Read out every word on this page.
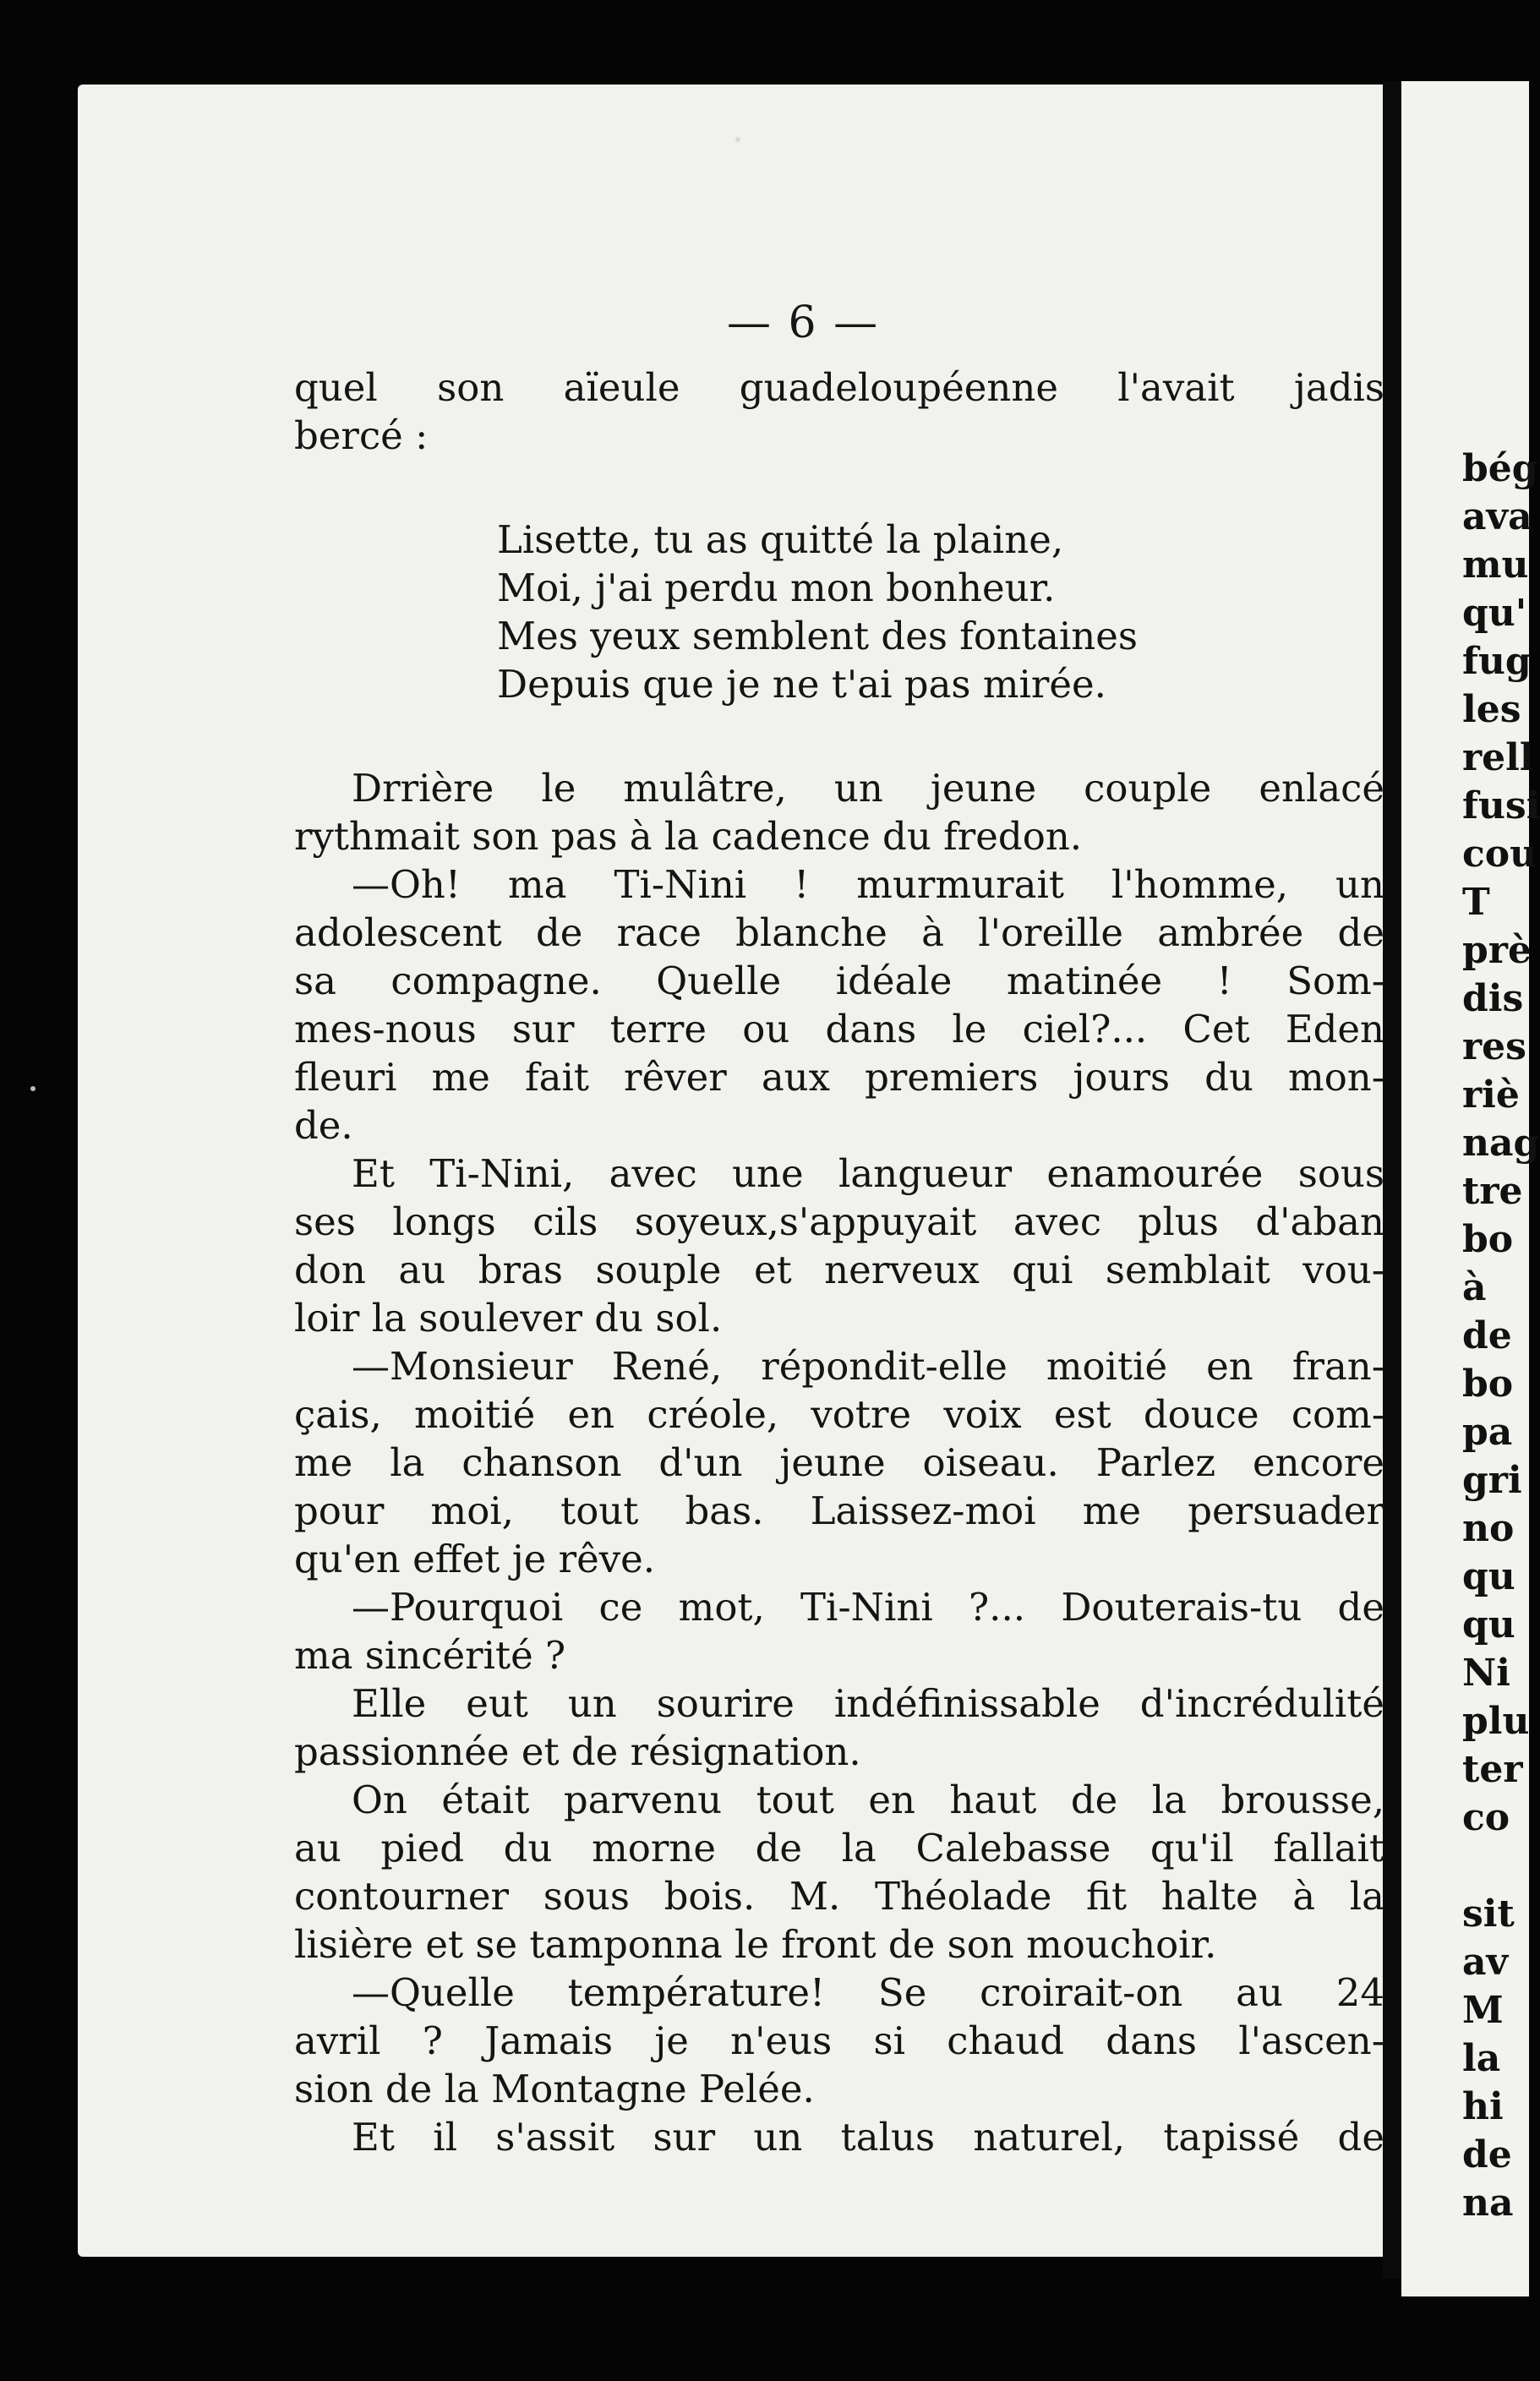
bég
ava
mu
qu'
fug
les
rell
fusi
cou
T
prè
dis
res
riè
nag
tre
bo
à
de
bo
pa
gri
no
qu
qu
Ni
plu
ter
co
sit
av
M
la
hi
de
na
— 6 —
quel son aïeule guadeloupéenne l'avait jadis
bercé :
Lisette, tu as quitté la plaine,
Moi, j'ai perdu mon bonheur.
Mes yeux semblent des fontaines
Depuis que je ne t'ai pas mirée.
Drrière le mulâtre, un jeune couple enlacé
rythmait son pas à la cadence du fredon.
—Oh! ma Ti-Nini ! murmurait l'homme, un
adolescent de race blanche à l'oreille ambrée de
sa compagne. Quelle idéale matinée ! Som-
mes-nous sur terre ou dans le ciel?... Cet Eden
fleuri me fait rêver aux premiers jours du mon-
de.
Et Ti-Nini, avec une langueur enamourée sous
ses longs cils soyeux,s'appuyait avec plus d'aban
don au bras souple et nerveux qui semblait vou-
loir la soulever du sol.
—Monsieur René, répondit-elle moitié en fran-
çais, moitié en créole, votre voix est douce com-
me la chanson d'un jeune oiseau. Parlez encore
pour moi, tout bas. Laissez-moi me persuader
qu'en effet je rêve.
—Pourquoi ce mot, Ti-Nini ?... Douterais-tu de
ma sincérité ?
Elle eut un sourire indéfinissable d'incrédulité
passionnée et de résignation.
On était parvenu tout en haut de la brousse,
au pied du morne de la Calebasse qu'il fallait
contourner sous bois. M. Théolade fit halte à la
lisière et se tamponna le front de son mouchoir.
—Quelle température! Se croirait-on au 24
avril ? Jamais je n'eus si chaud dans l'ascen-
sion de la Montagne Pelée.
Et il s'assit sur un talus naturel, tapissé de
